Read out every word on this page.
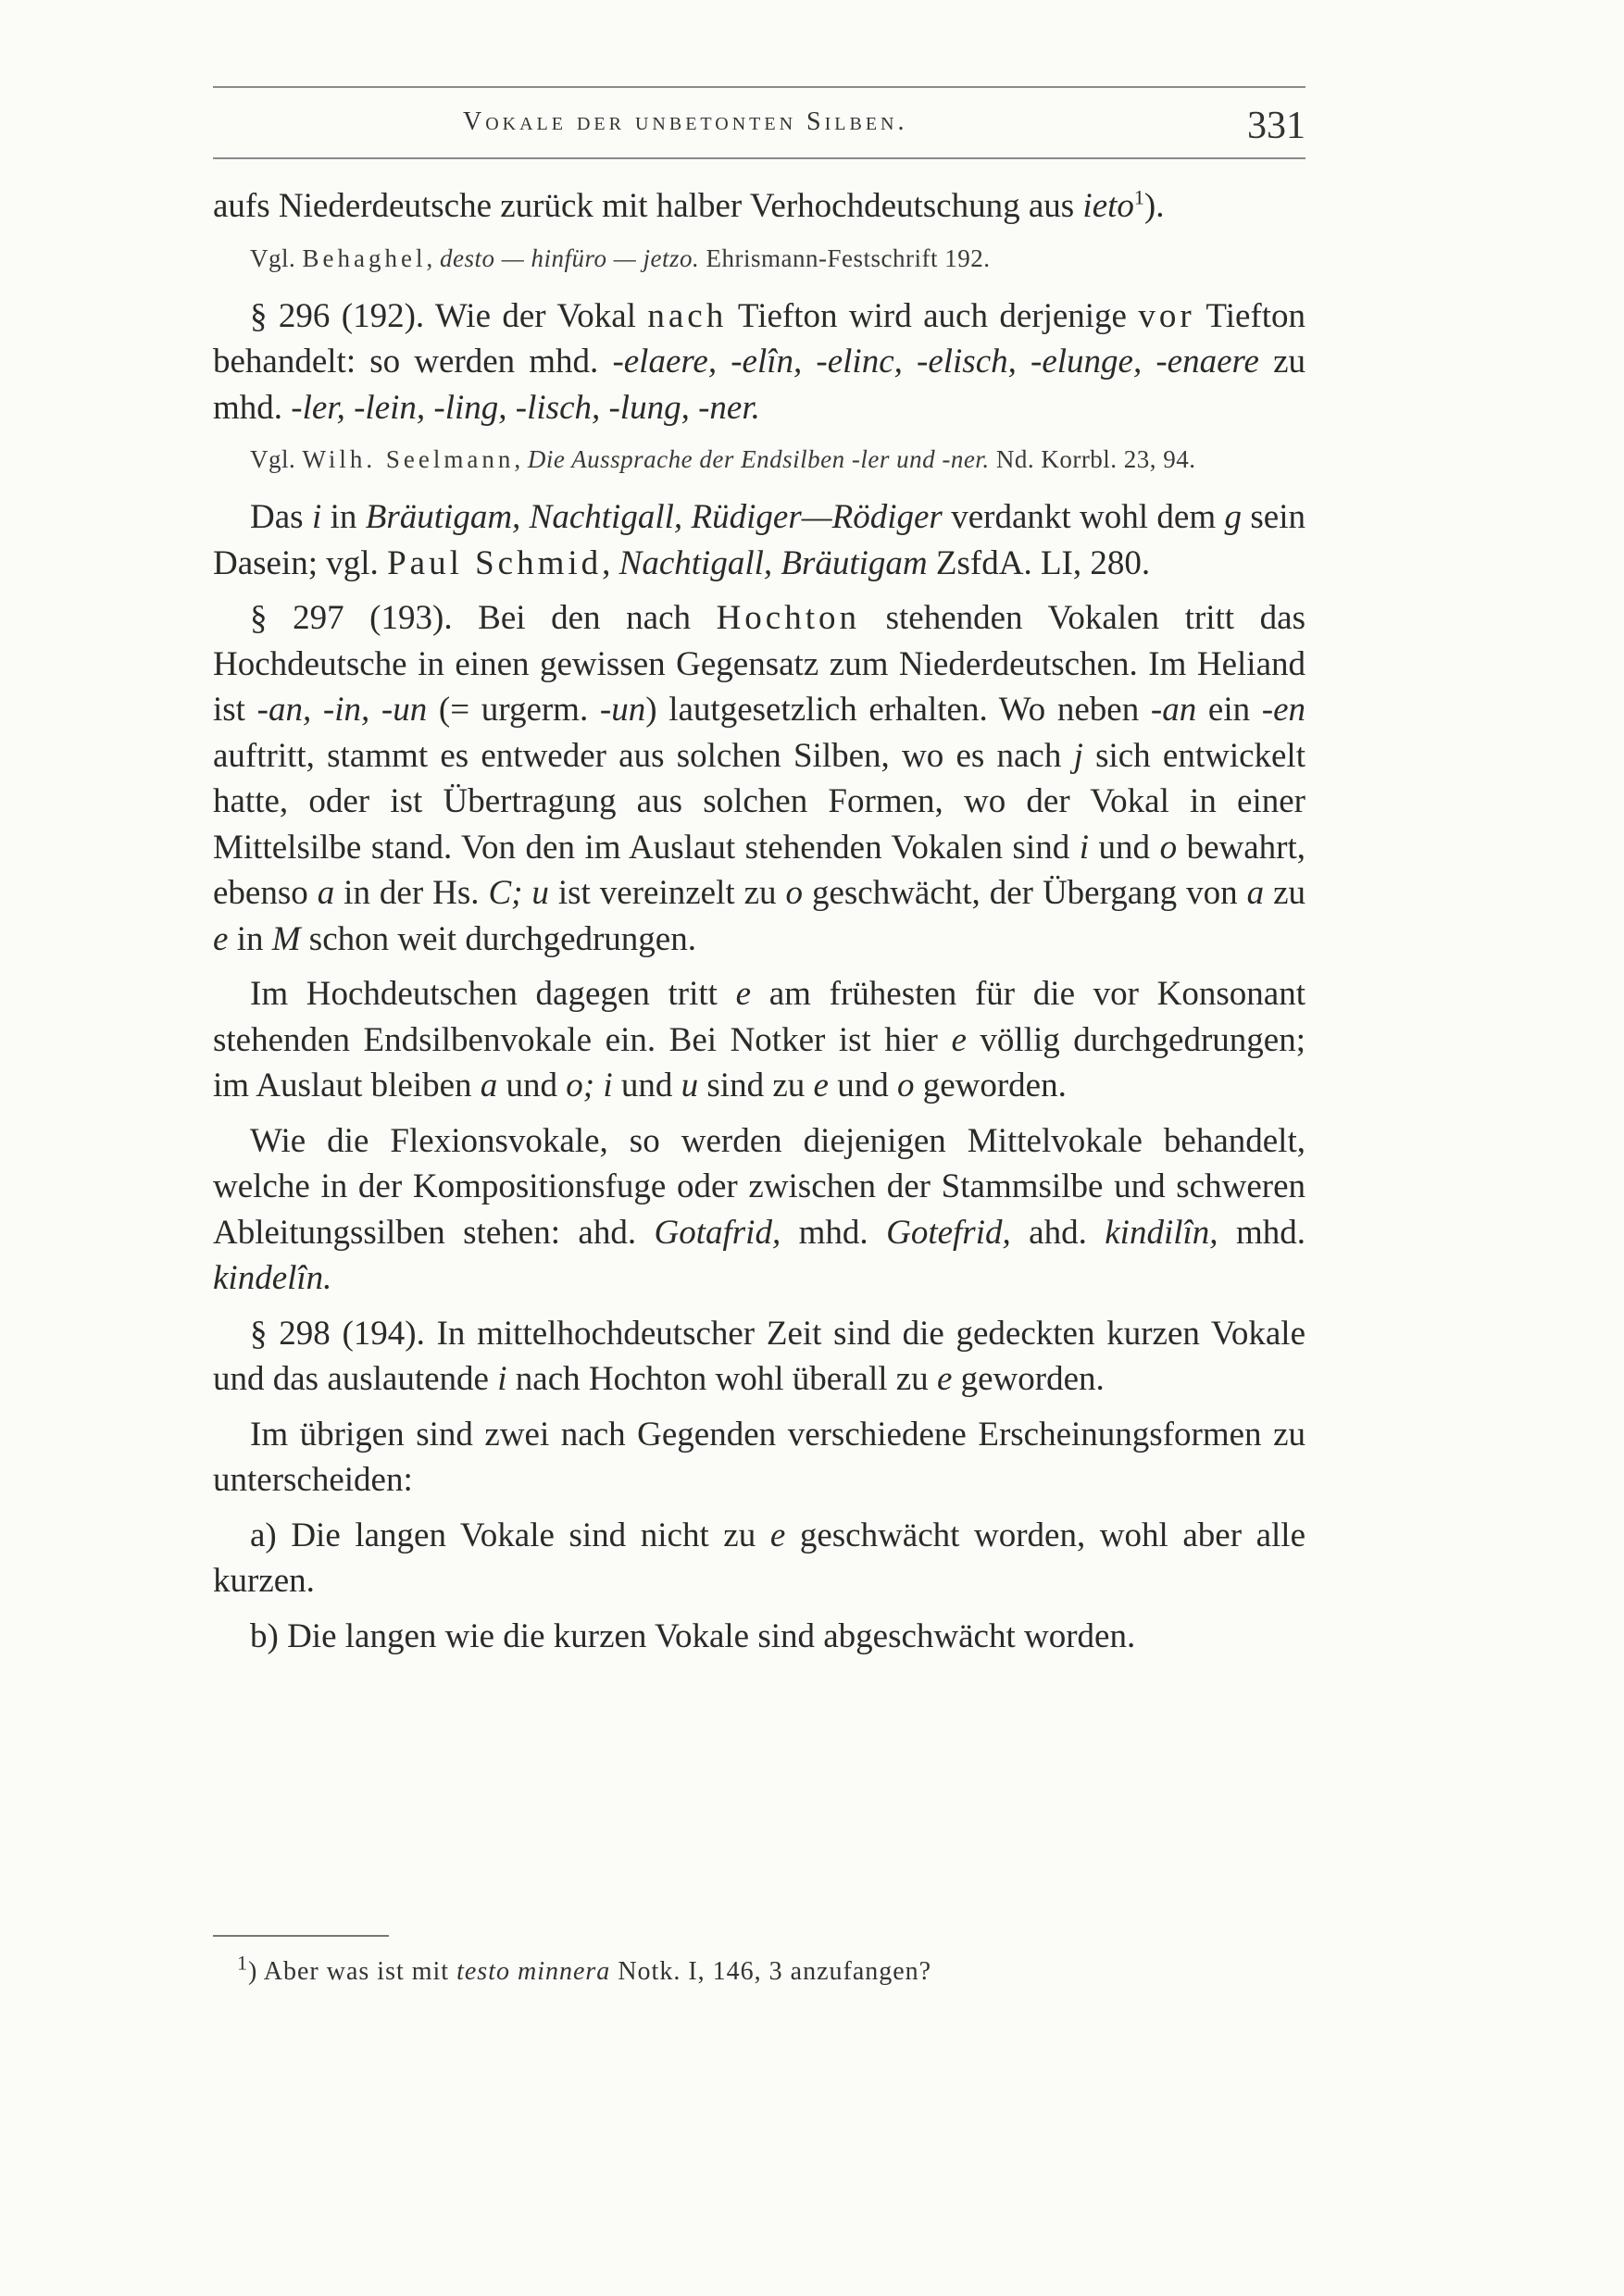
Vokale der unbetonten Silben.	331

aufs Niederdeutsche zurück mit halber Verhochdeutschung aus ieto$^1$).

Vgl. Behaghel, desto — hinfüro — jetzo. Ehrismann-Festschrift 192.

§ 296 (192). Wie der Vokal nach Tiefton wird auch derjenige vor Tiefton behandelt: so werden mhd. -elaere, -elîn, -elinc, -elisch, -elunge, -enaere zu mhd. -ler, -lein, -ling, -lisch, -lung, -ner.

Vgl. Wilh. Seelmann, Die Aussprache der Endsilben -ler und -ner. Nd. Korrbl. 23, 94.

Das i in Bräutigam, Nachtigall, Rüdiger—Rödiger verdankt wohl dem g sein Dasein; vgl. Paul Schmid, Nachtigall, Bräutigam ZsfdA. LI, 280.

§ 297 (193). Bei den nach Hochton stehenden Vokalen tritt das Hochdeutsche in einen gewissen Gegensatz zum Niederdeutschen. Im Heliand ist -an, -in, -un (= urgerm. -un) lautgesetzlich erhalten. Wo neben -an ein -en auftritt, stammt es entweder aus solchen Silben, wo es nach j sich entwickelt hatte, oder ist Übertragung aus solchen Formen, wo der Vokal in einer Mittelsilbe stand. Von den im Auslaut stehenden Vokalen sind i und o bewahrt, ebenso a in der Hs. C; u ist vereinzelt zu o geschwächt, der Übergang von a zu e in M schon weit durchgedrungen.

Im Hochdeutschen dagegen tritt e am frühesten für die vor Konsonant stehenden Endsilbenvokale ein. Bei Notker ist hier e völlig durchgedrungen; im Auslaut bleiben a und o; i und u sind zu e und o geworden.

Wie die Flexionsvokale, so werden diejenigen Mittelvokale behandelt, welche in der Kompositionsfuge oder zwischen der Stammsilbe und schweren Ableitungssilben stehen: ahd. Gotafrid, mhd. Gotefrid, ahd. kindilîn, mhd. kindelîn.

§ 298 (194). In mittelhochdeutscher Zeit sind die gedeckten kurzen Vokale und das auslautende i nach Hochton wohl überall zu e geworden.

Im übrigen sind zwei nach Gegenden verschiedene Erscheinungsformen zu unterscheiden:

a) Die langen Vokale sind nicht zu e geschwächt worden, wohl aber alle kurzen.

b) Die langen wie die kurzen Vokale sind abgeschwächt worden.

$^1$) Aber was ist mit testo minnera Notk. I, 146, 3 anzufangen?
